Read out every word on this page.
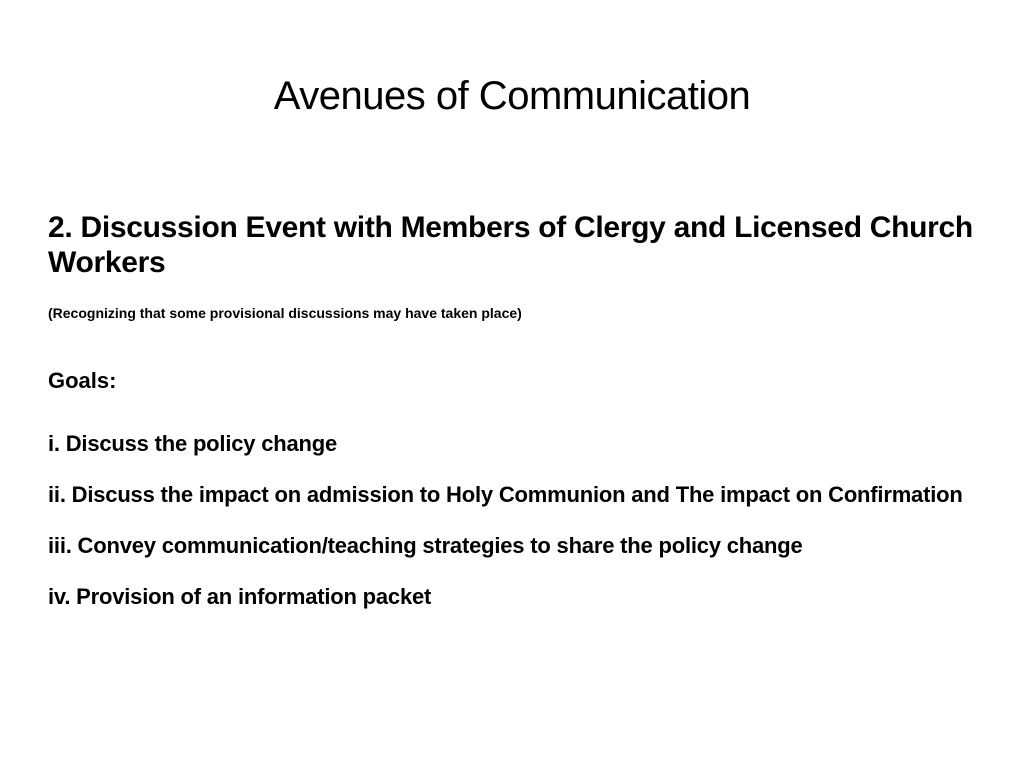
Avenues of Communication
2. Discussion Event with Members of Clergy and Licensed Church Workers

(Recognizing that some provisional discussions may have taken place)

Goals:

i. Discuss the policy change
ii. Discuss the impact on admission to Holy Communion and The impact on Confirmation
iii. Convey communication/teaching strategies to share the policy change
iv. Provision of an information packet
